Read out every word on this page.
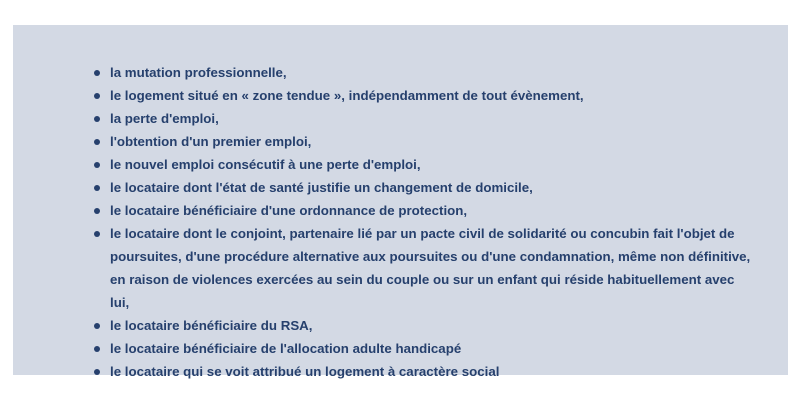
la mutation professionnelle,
le logement situé en « zone tendue », indépendamment de tout évènement,
la perte d'emploi,
l'obtention d'un premier emploi,
le nouvel emploi consécutif à une perte d'emploi,
le locataire dont l'état de santé justifie un changement de domicile,
le locataire bénéficiaire d'une ordonnance de protection,
le locataire dont le conjoint, partenaire lié par un pacte civil de solidarité ou concubin fait l'objet de poursuites, d'une procédure alternative aux poursuites ou d'une condamnation, même non définitive, en raison de violences exercées au sein du couple ou sur un enfant qui réside habituellement avec lui,
le locataire bénéficiaire du RSA,
le locataire bénéficiaire de l'allocation adulte handicapé
le locataire qui se voit attribué un logement à caractère social
